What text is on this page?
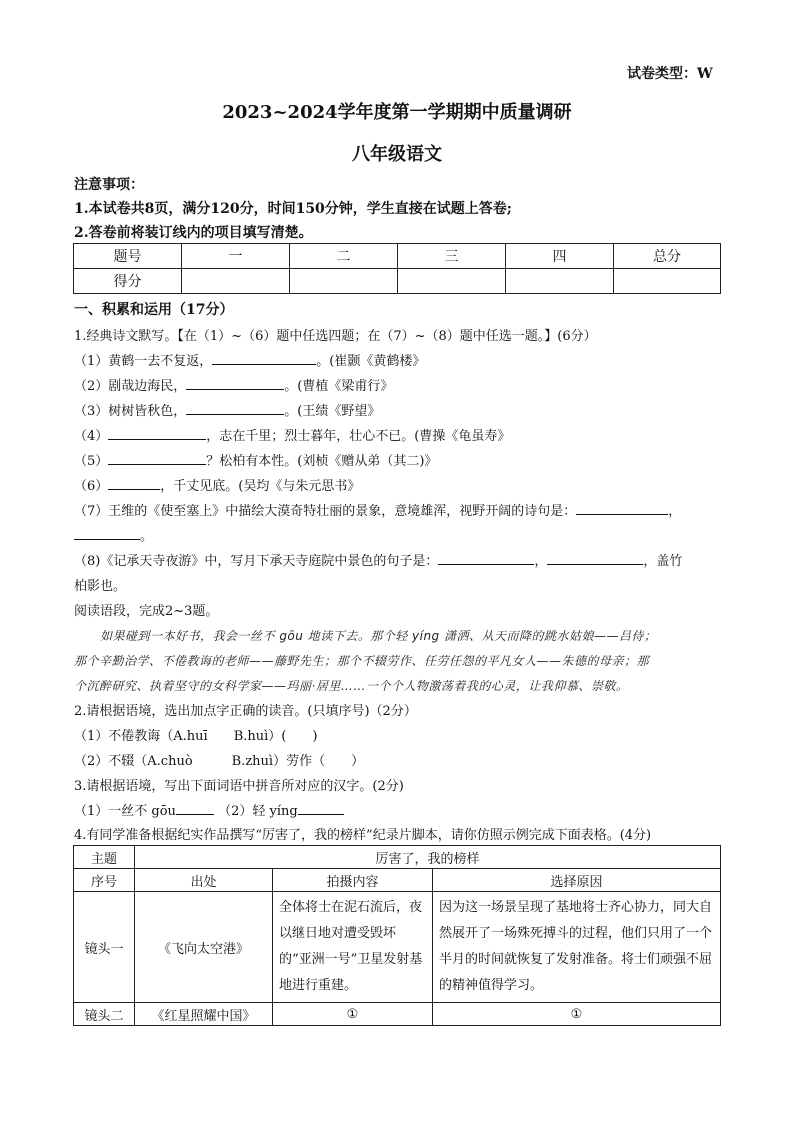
试卷类型：W
2023~2024学年度第一学期期中质量调研
八年级语文
注意事项：
1.本试卷共8页，满分120分，时间150分钟，学生直接在试题上答卷;
2.答卷前将装订线内的项目填写清楚。
题号	一	二	三	四	总分
得分					
一、积累和运用（17分）
1.经典诗文默写。【在（1）~（6）题中任选四题；在（7）~（8）题中任选一题。】(6分）
（1）黄鹤一去不复返，	。(崔颢《黄鹤楼》
（2）剧哉边海民，	。(曹植《梁甫行》
（3）树树皆秋色，	。(王绩《野望》
（4）	，志在千里；烈士暮年，壮心不已。(曹操《龟虽寿》
（5）	？松柏有本性。(刘桢《赠从弟（其二)》
（6）	，千丈见底。(吴均《与朱元思书》
（7）王维的《使至塞上》中描绘大漠奇特壮丽的景象，意境雄浑，视野开阔的诗句是：	，
。
（8)《记承天寺夜游》中，写月下承天寺庭院中景色的句子是：	，	，盖竹
柏影也。
阅读语段，完成2~3题。
如果碰到一本好书，我会一丝不 gōu 地读下去。那个轻 yíng 潇洒、从天而降的跳水姑娘——吕侍；
那个辛勤治学、不倦教诲的老师——藤野先生；那个不辍劳作、任劳任怨的平凡女人——朱德的母亲；那
个沉醉研究、执着坚守的女科学家——玛丽·居里……一个个人物激荡着我的心灵，让我仰慕、崇敬。
2.请根据语境，选出加点字正确的读音。(只填序号)（2分）
（1）不倦教诲（A.huī　　B.huì）(　　)
（2）不辍（A.chuò　　　B.zhuì）劳作（　　）
3.请根据语境，写出下面词语中拼音所对应的汉字。(2分)
（1）一丝不 gōu	（2）轻 yíng
4.有同学准备根据纪实作品撰写“厉害了，我的榜样”纪录片脚本，请你仿照示例完成下面表格。(4分)
主题	厉害了，我的榜样		
序号	出处	拍摄内容	选择原因
镜头一	《飞向太空港》	全体将士在泥石流后，夜以继日地对遭受毁坏的“亚洲一号”卫星发射基地进行重建。	因为这一场景呈现了基地将士齐心协力，同大自然展开了一场殊死搏斗的过程，他们只用了一个半月的时间就恢复了发射准备。将士们顽强不屈的精神值得学习。
镜头二	《红星照耀中国》	①	①
